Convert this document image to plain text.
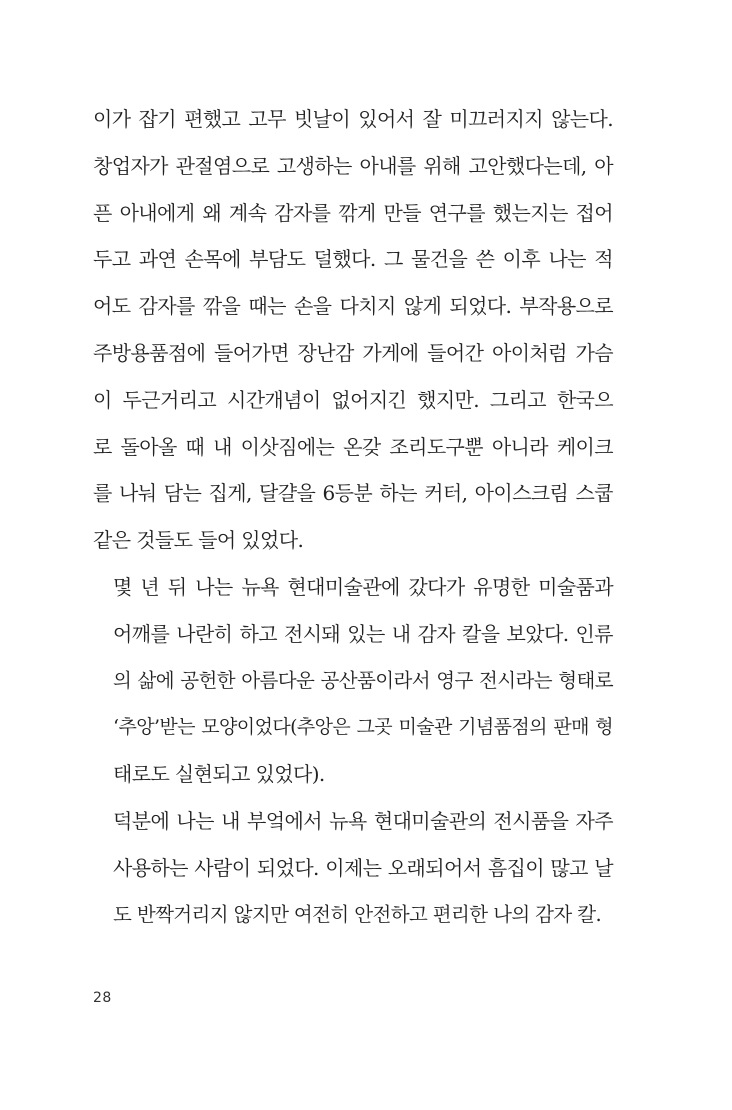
이가 잡기 편했고 고무 빗날이 있어서 잘 미끄러지지 않는다.
창업자가 관절염으로 고생하는 아내를 위해 고안했다는데, 아
픈 아내에게 왜 계속 감자를 깎게 만들 연구를 했는지는 접어
두고 과연 손목에 부담도 덜했다. 그 물건을 쓴 이후 나는 적
어도 감자를 깎을 때는 손을 다치지 않게 되었다. 부작용으로
주방용품점에 들어가면 장난감 가게에 들어간 아이처럼 가슴
이 두근거리고 시간개념이 없어지긴 했지만. 그리고 한국으
로 돌아올 때 내 이삿짐에는 온갖 조리도구뿐 아니라 케이크
를 나눠 담는 집게, 달걀을 6등분 하는 커터, 아이스크림 스쿱
같은 것들도 들어 있었다.

몇 년 뒤 나는 뉴욕 현대미술관에 갔다가 유명한 미술품과
어깨를 나란히 하고 전시돼 있는 내 감자 칼을 보았다. 인류
의 삶에 공헌한 아름다운 공산품이라서 영구 전시라는 형태로
‘추앙’받는 모양이었다(추앙은 그곳 미술관 기념품점의 판매 형
태로도 실현되고 있었다).

덕분에 나는 내 부엌에서 뉴욕 현대미술관의 전시품을 자주
사용하는 사람이 되었다. 이제는 오래되어서 흠집이 많고 날
도 반짝거리지 않지만 여전히 안전하고 편리한 나의 감자 칼.

28
